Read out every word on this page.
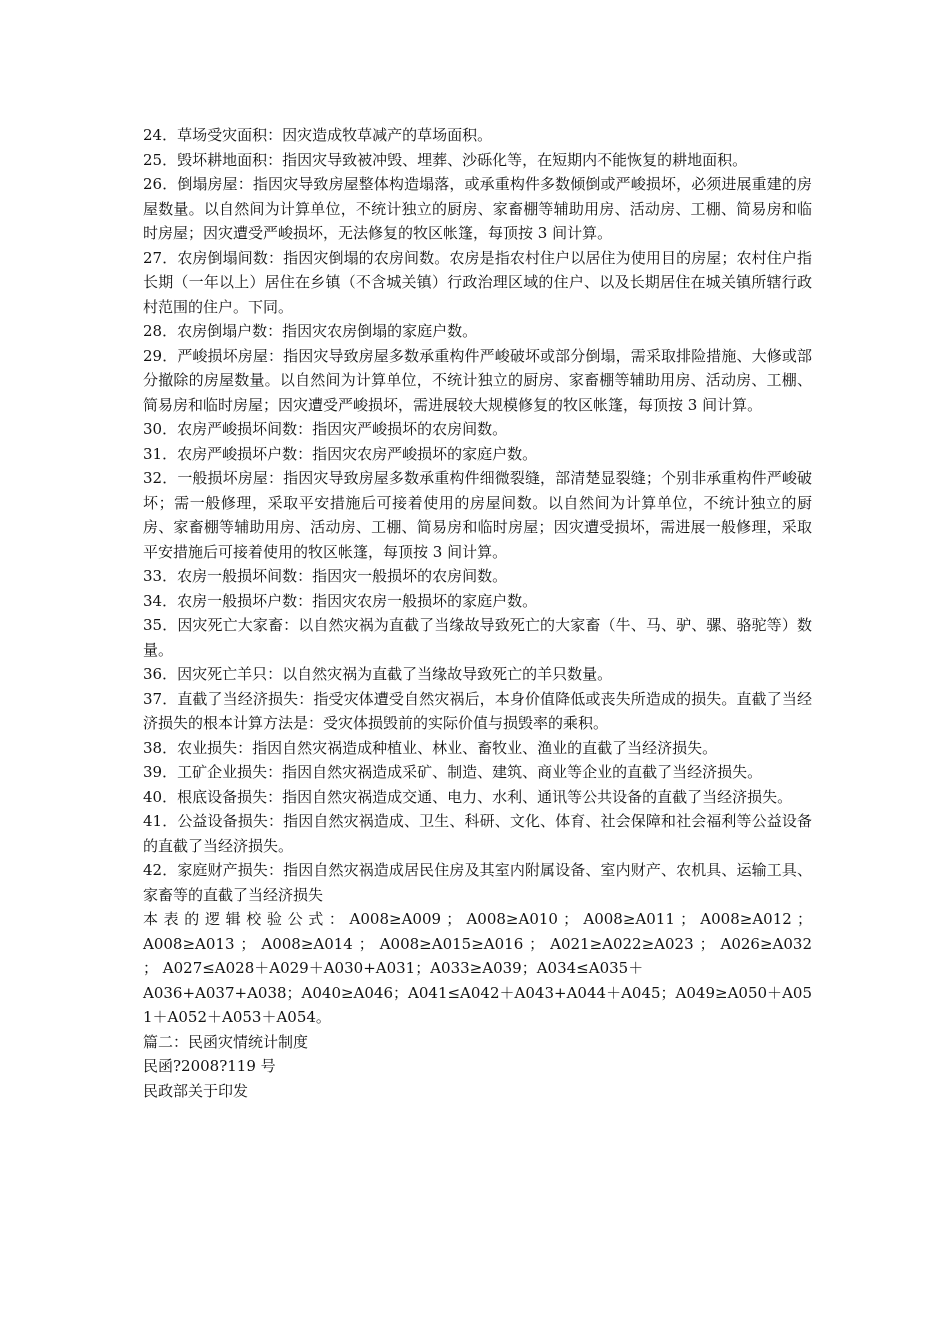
24．草场受灾面积：因灾造成牧草减产的草场面积。

25．毁坏耕地面积：指因灾导致被冲毁、埋葬、沙砾化等，在短期内不能恢复的耕地面积。

26．倒塌房屋：指因灾导致房屋整体构造塌落，或承重构件多数倾倒或严峻损坏，必须进展重建的房屋数量。以自然间为计算单位，不统计独立的厨房、家畜棚等辅助用房、活动房、工棚、简易房和临时房屋；因灾遭受严峻损坏，无法修复的牧区帐篷，每顶按 3 间计算。

27．农房倒塌间数：指因灾倒塌的农房间数。农房是指农村住户以居住为使用目的房屋；农村住户指长期（一年以上）居住在乡镇（不含城关镇）行政治理区域的住户、以及长期居住在城关镇所辖行政村范围的住户。下同。

28．农房倒塌户数：指因灾农房倒塌的家庭户数。

29．严峻损坏房屋：指因灾导致房屋多数承重构件严峻破坏或部分倒塌，需采取排险措施、大修或部分撤除的房屋数量。以自然间为计算单位，不统计独立的厨房、家畜棚等辅助用房、活动房、工棚、简易房和临时房屋；因灾遭受严峻损坏，需进展较大规模修复的牧区帐篷，每顶按 3 间计算。

30．农房严峻损坏间数：指因灾严峻损坏的农房间数。

31．农房严峻损坏户数：指因灾农房严峻损坏的家庭户数。

32．一般损坏房屋：指因灾导致房屋多数承重构件细微裂缝，部清楚显裂缝；个别非承重构件严峻破坏；需一般修理，采取平安措施后可接着使用的房屋间数。以自然间为计算单位，不统计独立的厨房、家畜棚等辅助用房、活动房、工棚、简易房和临时房屋；因灾遭受损坏，需进展一般修理，采取平安措施后可接着使用的牧区帐篷，每顶按 3 间计算。

33．农房一般损坏间数：指因灾一般损坏的农房间数。

34．农房一般损坏户数：指因灾农房一般损坏的家庭户数。

35．因灾死亡大家畜：以自然灾祸为直截了当缘故导致死亡的大家畜（牛、马、驴、骡、骆驼等）数量。

36．因灾死亡羊只：以自然灾祸为直截了当缘故导致死亡的羊只数量。

37．直截了当经济损失：指受灾体遭受自然灾祸后，本身价值降低或丧失所造成的损失。直截了当经济损失的根本计算方法是：受灾体损毁前的实际价值与损毁率的乘积。

38．农业损失：指因自然灾祸造成种植业、林业、畜牧业、渔业的直截了当经济损失。

39．工矿企业损失：指因自然灾祸造成采矿、制造、建筑、商业等企业的直截了当经济损失。

40．根底设备损失：指因自然灾祸造成交通、电力、水利、通讯等公共设备的直截了当经济损失。

41．公益设备损失：指因自然灾祸造成、卫生、科研、文化、体育、社会保障和社会福利等公益设备的直截了当经济损失。

42．家庭财产损失：指因自然灾祸造成居民住房及其室内附属设备、室内财产、农机具、运输工具、家畜等的直截了当经济损失

本 表 的 逻 辑 校 验 公 式 ： A008≥A009 ； A008≥A010 ； A008≥A011 ； A008≥A012 ； A008≥A013 ； A008≥A014 ； A008≥A015≥A016 ； A021≥A022≥A023 ； A026≥A032 ； A027≤A028＋A029＋A030+A031；A033≥A039；A034≤A035＋

A036+A037+A038；A040≥A046；A041≤A042＋A043+A044＋A045；A049≥A050＋A051＋A052＋A053＋A054。

篇二：民函灾情统计制度

民函?2008?119 号

民政部关于印发
